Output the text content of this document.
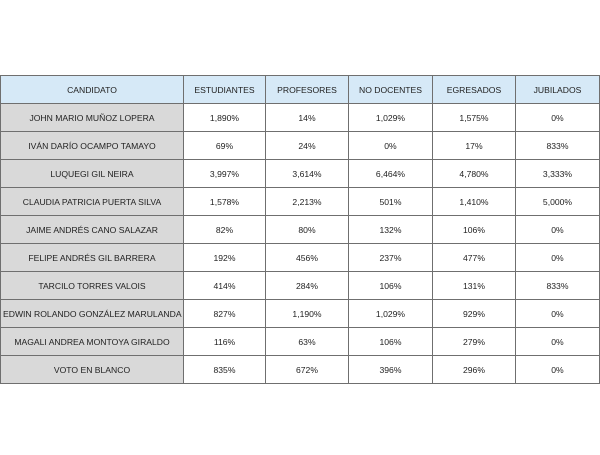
CANDIDATO	ESTUDIANTES	PROFESORES	NO DOCENTES	EGRESADOS	JUBILADOS
JOHN MARIO MUÑOZ LOPERA	1,890%	14%	1,029%	1,575%	0%
IVÁN DARÍO OCAMPO TAMAYO	69%	24%	0%	17%	833%
LUQUEGI GIL NEIRA	3,997%	3,614%	6,464%	4,780%	3,333%
CLAUDIA PATRICIA PUERTA SILVA	1,578%	2,213%	501%	1,410%	5,000%
JAIME ANDRÉS CANO SALAZAR	82%	80%	132%	106%	0%
FELIPE ANDRÉS GIL BARRERA	192%	456%	237%	477%	0%
TARCILO TORRES VALOIS	414%	284%	106%	131%	833%
EDWIN ROLANDO GONZÁLEZ MARULANDA	827%	1,190%	1,029%	929%	0%
MAGALI ANDREA MONTOYA GIRALDO	116%	63%	106%	279%	0%
VOTO EN BLANCO	835%	672%	396%	296%	0%
